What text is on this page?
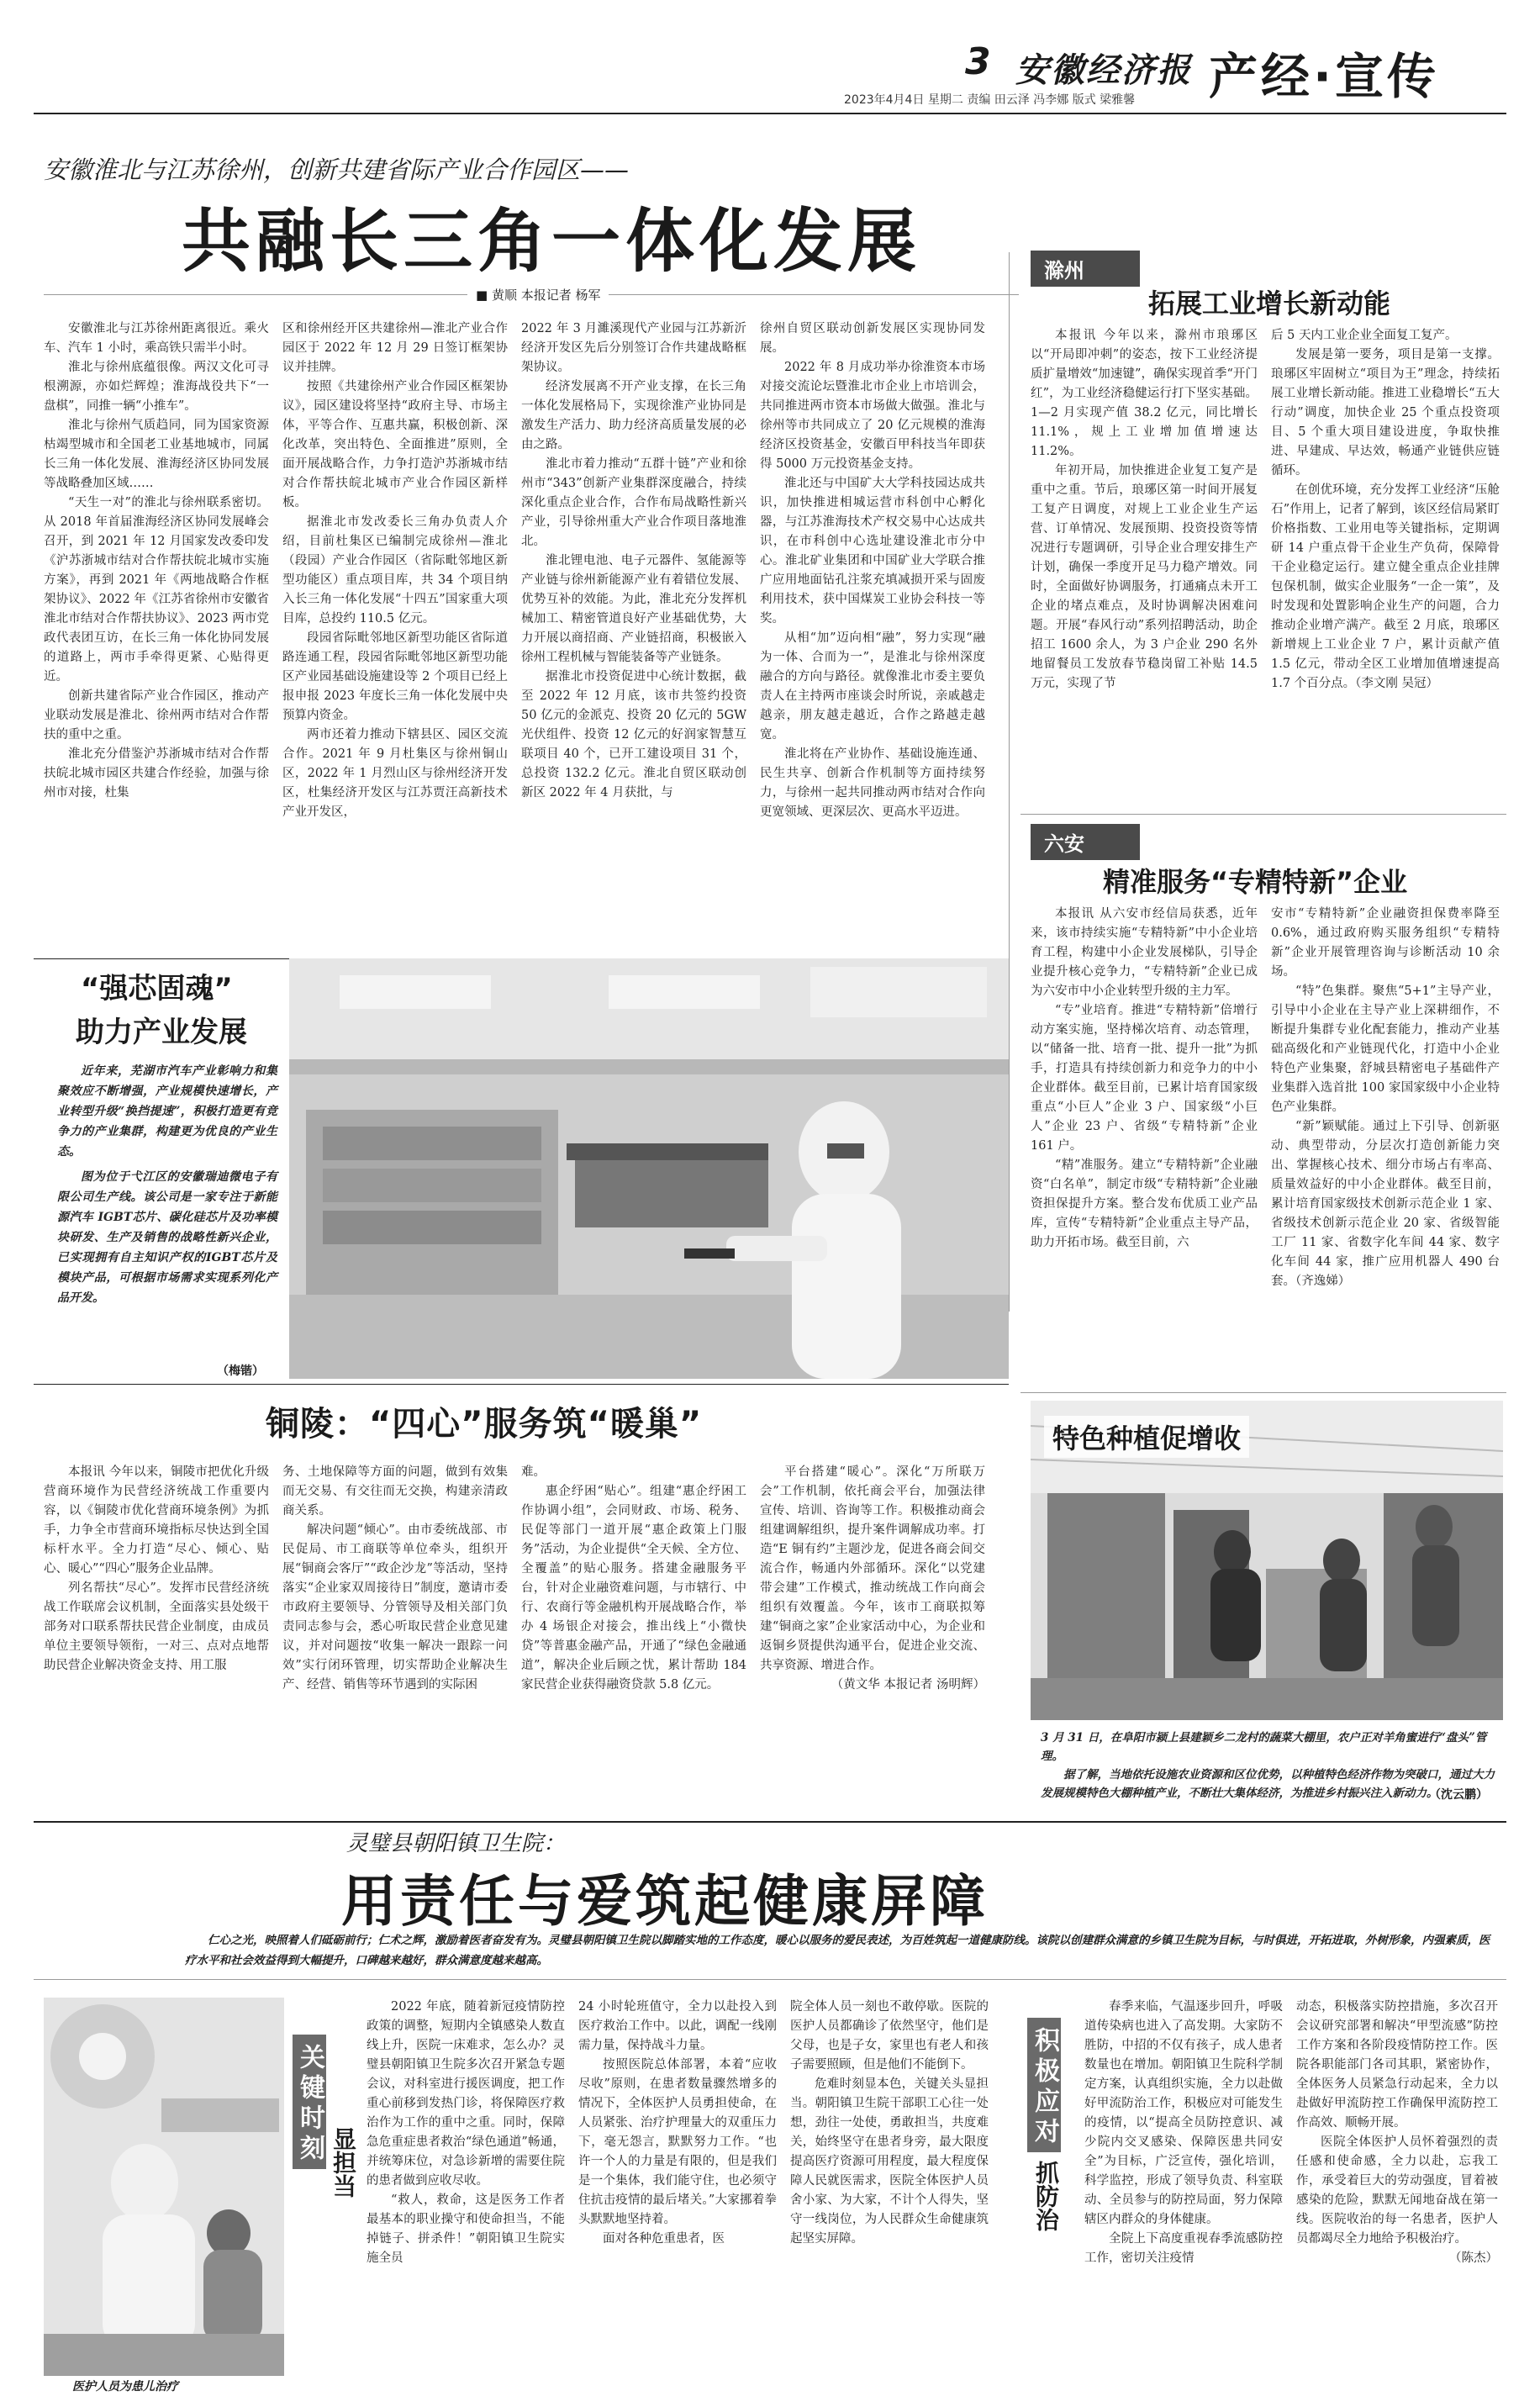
3 安徽经济报 产经·宣传
2023年4月4日 星期二 责编 田云泽 冯李娜 版式 梁雅馨
安徽淮北与江苏徐州，创新共建省际产业合作园区——
共融长三角一体化发展
■ 黄顺 本报记者 杨军

安徽淮北与江苏徐州距离很近。乘火车、汽车 1 小时，乘高铁只需半小时。

淮北与徐州底蕴很像。两汉文化可寻根溯源，亦如烂辉煌；淮海战役共下“一盘棋”，同推一辆“小推车”。

淮北与徐州气质趋同，同为国家资源枯竭型城市和全国老工业基地城市，同属长三角一体化发展、淮海经济区协同发展等战略叠加区域……

“天生一对”的淮北与徐州联系密切。从 2018 年首届淮海经济区协同发展峰会召开，到 2021 年 12 月国家发改委印发《沪苏浙城市结对合作帮扶皖北城市实施方案》，再到 2021 年《两地战略合作框架协议》、2022 年《江苏省徐州市安徽省淮北市结对合作帮扶协议》、2023 两市党政代表团互访，在长三角一体化协同发展的道路上，两市手牵得更紧、心贴得更近。

创新共建省际产业合作园区，推动产业联动发展是淮北、徐州两市结对合作帮扶的重中之重。

淮北充分借鉴沪苏浙城市结对合作帮扶皖北城市园区共建合作经验，加强与徐州市对接，杜集

区和徐州经开区共建徐州—淮北产业合作园区于 2022 年 12 月 29 日签订框架协议并挂牌。

按照《共建徐州产业合作园区框架协议》，园区建设将坚持“政府主导、市场主体，平等合作、互惠共赢，积极创新、深化改革，突出特色、全面推进”原则，全面开展战略合作，力争打造沪苏浙城市结对合作帮扶皖北城市产业合作园区新样板。

据淮北市发改委长三角办负责人介绍，目前杜集区已编制完成徐州—淮北（段园）产业合作园区（省际毗邻地区新型功能区）重点项目库，共 34 个项目纳入长三角一体化发展“十四五”国家重大项目库，总投约 110.5 亿元。

段园省际毗邻地区新型功能区省际道路连通工程，段园省际毗邻地区新型功能区产业园基础设施建设等 2 个项目已经上报申报 2023 年度长三角一体化发展中央预算内资金。

两市还着力推动下辖县区、园区交流合作。2021 年 9 月杜集区与徐州铜山区，2022 年 1 月烈山区与徐州经济开发区，杜集经济开发区与江苏贾汪高新技术产业开发区，

2022 年 3 月濉溪现代产业园与江苏新沂经济开发区先后分别签订合作共建战略框架协议。

经济发展离不开产业支撑，在长三角一体化发展格局下，实现徐淮产业协同是激发生产活力、助力经济高质量发展的必由之路。

淮北市着力推动“五群十链”产业和徐州市“343”创新产业集群深度融合，持续深化重点企业合作，合作布局战略性新兴产业，引导徐州重大产业合作项目落地淮北。

淮北锂电池、电子元器件、氢能源等产业链与徐州新能源产业有着错位发展、优势互补的效能。为此，淮北充分发挥机械加工、精密管道良好产业基础优势，大力开展以商招商、产业链招商，积极嵌入徐州工程机械与智能装备等产业链条。

据淮北市投资促进中心统计数据，截至 2022 年 12 月底，该市共签约投资 50 亿元的金派克、投资 20 亿元的 5GW 光伏组件、投资 12 亿元的好润家智慧互联项目 40 个，已开工建设项目 31 个，总投资 132.2 亿元。淮北自贸区联动创新区 2022 年 4 月获批，与

徐州自贸区联动创新发展区实现协同发展。

2022 年 8 月成功举办徐淮资本市场对接交流论坛暨淮北市企业上市培训会，共同推进两市资本市场做大做强。淮北与徐州等市共同成立了 20 亿元规模的淮海经济区投资基金，安徽百甲科技当年即获得 5000 万元投资基金支持。

淮北还与中国矿大大学科技园达成共识，加快推进相城运营市科创中心孵化器，与江苏淮海技术产权交易中心达成共识，在市科创中心选址建设淮北市分中心。淮北矿业集团和中国矿业大学联合推广应用地面钻孔注浆充填减损开采与固废利用技术，获中国煤炭工业协会科技一等奖。

从相“加”迈向相“融”，努力实现“融为一体、合而为一”，是淮北与徐州深度融合的方向与路径。就像淮北市委主要负责人在主持两市座谈会时所说，亲戚越走越亲，朋友越走越近，合作之路越走越宽。

淮北将在产业协作、基础设施连通、民生共享、创新合作机制等方面持续努力，与徐州一起共同推动两市结对合作向更宽领域、更深层次、更高水平迈进。

滁州
拓展工业增长新动能

本报讯 今年以来，滁州市琅琊区以“开局即冲刺”的姿态，按下工业经济提质扩量增效“加速键”，确保实现首季“开门红”，为工业经济稳健运行打下坚实基础。1—2 月实现产值 38.2 亿元，同比增长 11.1%，规上工业增加值增速达 11.2%。

年初开局，加快推进企业复工复产是重中之重。节后，琅琊区第一时间开展复工复产日调度，对规上工业企业生产运营、订单情况、发展预期、投资投资等情况进行专题调研，引导企业合理安排生产计划，确保一季度开足马力稳产增效。同时，全面做好协调服务，打通痛点未开工企业的堵点难点，及时协调解决困难问题。开展“春风行动”系列招聘活动，助企招工 1600 余人，为 3 户企业 290 名外地留餐员工发放春节稳岗留工补贴 14.5 万元，实现了节

后 5 天内工业企业全面复工复产。

发展是第一要务，项目是第一支撑。琅琊区牢固树立“项目为王”理念，持续拓展工业增长新动能。推进工业稳增长“五大行动”调度，加快企业 25 个重点投资项目、5 个重大项目建设进度，争取快推进、早建成、早达效，畅通产业链供应链循环。

在创优环境，充分发挥工业经济“压舱石”作用上，记者了解到，该区经信局紧盯价格指数、工业用电等关键指标，定期调研 14 户重点骨干企业生产负荷，保障骨干企业稳定运行。建立健全重点企业挂牌包保机制，做实企业服务“一企一策”，及时发现和处置影响企业生产的问题，合力推动企业增产满产。截至 2 月底，琅琊区新增规上工业企业 7 户，累计贡献产值 1.5 亿元，带动全区工业增加值增速提高 1.7 个百分点。（李文刚 吴冠）

六安
精准服务“专精特新”企业

本报讯 从六安市经信局获悉，近年来，该市持续实施“专精特新”中小企业培育工程，构建中小企业发展梯队，引导企业提升核心竞争力，“专精特新”企业已成为六安市中小企业转型升级的主力军。

“专”业培育。推进“专精特新”倍增行动方案实施，坚持梯次培育、动态管理，以“储备一批、培育一批、提升一批”为抓手，打造具有持续创新力和竞争力的中小企业群体。截至目前，已累计培育国家级重点“小巨人”企业 3 户、国家级“小巨人”企业 23 户、省级“专精特新”企业 161 户。

“精”准服务。建立“专精特新”企业融资“白名单”，制定市级“专精特新”企业融资担保提升方案。整合发布优质工业产品库，宣传“专精特新”企业重点主导产品，助力开拓市场。截至目前，六

安市“专精特新”企业融资担保费率降至 0.6%，通过政府购买服务组织“专精特新”企业开展管理咨询与诊断活动 10 余场。

“特”色集群。聚焦“5+1”主导产业，引导中小企业在主导产业上深耕细作，不断提升集群专业化配套能力，推动产业基础高级化和产业链现代化，打造中小企业特色产业集聚，舒城县精密电子基础件产业集群入选首批 100 家国家级中小企业特色产业集群。

“新”颖赋能。通过上下引导、创新驱动、典型带动，分层次打造创新能力突出、掌握核心技术、细分市场占有率高、质量效益好的中小企业群体。截至目前，累计培育国家级技术创新示范企业 1 家、省级技术创新示范企业 20 家、省级智能工厂 11 家、省数字化车间 44 家、数字化车间 44 家，推广应用机器人 490 台套。（齐逸娣）

“强芯固魂”
助力产业发展

近年来，芜湖市汽车产业彰响力和集聚效应不断增强，产业规模快速增长，产业转型升级“换挡提速”，积极打造更有竞争力的产业集群，构建更为优良的产业生态。

图为位于弋江区的安徽瑞迪微电子有限公司生产线。该公司是一家专注于新能源汽车 IGBT芯片、碳化硅芯片及功率模块研发、生产及销售的战略性新兴企业，已实现拥有自主知识产权的IGBT芯片及模块产品，可根据市场需求实现系列化产品开发。

（梅锴）
铜陵：“四心”服务筑“暖巢”

本报讯 今年以来，铜陵市把优化升级营商环境作为民营经济统战工作重要内容，以《铜陵市优化营商环境条例》为抓手，力争全市营商环境指标尽快达到全国标杆水平。全力打造“尽心、倾心、贴心、暖心”“四心”服务企业品牌。

列名帮扶“尽心”。发挥市民营经济统战工作联席会议机制，全面落实县处级干部务对口联系帮扶民营企业制度，由成员单位主要领导领衔，一对三、点对点地帮助民营企业解决资金支持、用工服

务、土地保障等方面的问题，做到有效集而无交易、有交往而无交换，构建亲清政商关系。

解决问题“倾心”。由市委统战部、市民促局、市工商联等单位牵头，组织开展“铜商会客厅”“政企沙龙”等活动，坚持落实“企业家双周接待日”制度，邀请市委市政府主要领导、分管领导及相关部门负责同志参与会，悉心听取民营企业意见建议，并对问题按“收集一解决一跟踪一问效”实行闭环管理，切实帮助企业解决生产、经营、销售等环节遇到的实际困

难。

惠企纾困“贴心”。组建“惠企纾困工作协调小组”，会同财政、市场、税务、民促等部门一道开展“惠企政策上门服务”活动，为企业提供“全天候、全方位、全覆盖”的贴心服务。搭建金融服务平台，针对企业融资难问题，与市辖行、中行、农商行等金融机构开展战略合作，举办 4 场银企对接会，推出线上“小微快贷”等普惠金融产品，开通了“绿色金融通道”，解决企业后顾之忧，累计帮助 184 家民营企业获得融资贷款 5.8 亿元。

平台搭建“暖心”。深化“万所联万会”工作机制，依托商会平台，加强法律宣传、培训、咨询等工作。积极推动商会组建调解组织，提升案件调解成功率。打造“E 铜有约”主题沙龙，促进各商会间交流合作，畅通内外部循环。深化“以党建带会建”工作模式，推动统战工作向商会组织有效覆盖。今年，该市工商联拟筹建“铜商之家”企业家活动中心，为企业和返铜乡贤提供沟通平台，促进企业交流、共享资源、增进合作。

（黄文华 本报记者 汤明辉）

特色种植促增收

3 月 31 日，在阜阳市颍上县建颖乡二龙村的蔬菜大棚里，农户正对羊角蜜进行“盘头”管理。

据了解，当地依托设施农业资源和区位优势，以种植特色经济作物为突破口，通过大力发展规模特色大棚种植产业，不断壮大集体经济，为推进乡村振兴注入新动力。

（沈云鹏）
灵璧县朝阳镇卫生院：
用责任与爱筑起健康屏障
仁心之光，映照着人们砥砺前行；仁术之辉，激励着医者奋发有为。灵璧县朝阳镇卫生院以脚踏实地的工作态度，暖心以服务的爱民表述，为百姓筑起一道健康防线。该院以创建群众满意的乡镇卫生院为目标，与时俱进，开拓进取，外树形象，内强素质，医疗水平和社会效益得到大幅提升，口碑越来越好，群众满意度越来越高。
医护人员为患儿治疗
关键时刻 显担当
积极应对
抓防治

2022 年底，随着新冠疫情防控政策的调整，短期内全镇感染人数直线上升，医院一床难求，怎么办？灵璧县朝阳镇卫生院多次召开紧急专题会议，对科室进行援医调度，把工作重心前移到发热门诊，将保障医疗救治作为工作的重中之重。同时，保障急危重症患者救治“绿色通道”畅通，并统筹床位，对急诊新增的需要住院的患者做到应收尽收。

“救人，救命，这是医务工作者最基本的职业操守和使命担当，不能掉链子、拼杀件！”朝阳镇卫生院实施全员

24 小时轮班值守，全力以赴投入到医疗救治工作中。以此，调配一线刚需力量，保持战斗力量。

按照医院总体部署，本着“应收尽收”原则，在患者数量骤然增多的情况下，全体医护人员勇担使命，在人员紧张、治疗护理量大的双重压力下，毫无怨言，默默努力工作。“也许一个人的力量是有限的，但是我们是一个集体，我们能守住，也必须守住抗击疫情的最后堵关。”大家挪着拳头默默地坚持着。

面对各种危重患者，医

院全体人员一刻也不敢停歇。医院的医护人员都确诊了依然坚守，他们是父母，也是子女，家里也有老人和孩子需要照顾，但是他们不能倒下。

危难时刻显本色，关键关头显担当。朝阳镇卫生院干部职工心往一处想，劲往一处使，勇敢担当，共度难关，始终坚守在患者身旁，最大限度提高医疗资源可用程度，最大程度保障人民就医需求，医院全体医护人员舍小家、为大家，不计个人得失，坚守一线岗位，为人民群众生命健康筑起坚实屏障。

春季来临，气温逐步回升，呼吸道传染病也进入了高发期。大家防不胜防，中招的不仅有孩子，成人患者数量也在增加。朝阳镇卫生院科学制定方案，认真组织实施，全力以赴做好甲流防治工作，积极应对可能发生的疫情，以“提高全员防控意识、减少院内交叉感染、保障医患共同安全”为目标，广泛宣传，强化培训，科学监控，形成了领导负责、科室联动、全员参与的防控局面，努力保障辖区内群众的身体健康。

全院上下高度重视春季流感防控工作，密切关注疫情

动态，积极落实防控措施，多次召开会议研究部署和解决“甲型流感”防控工作方案和各阶段疫情防控工作。医院各职能部门各司其职，紧密协作，全体医务人员紧急行动起来，全力以赴做好甲流防控工作确保甲流防控工作高效、顺畅开展。

医院全体医护人员怀着强烈的责任感和使命感，全力以赴，忘我工作，承受着巨大的劳动强度，冒着被感染的危险，默默无闻地奋战在第一线。医院收治的每一名患者，医护人员都竭尽全力地给予积极治疗。

（陈杰）
